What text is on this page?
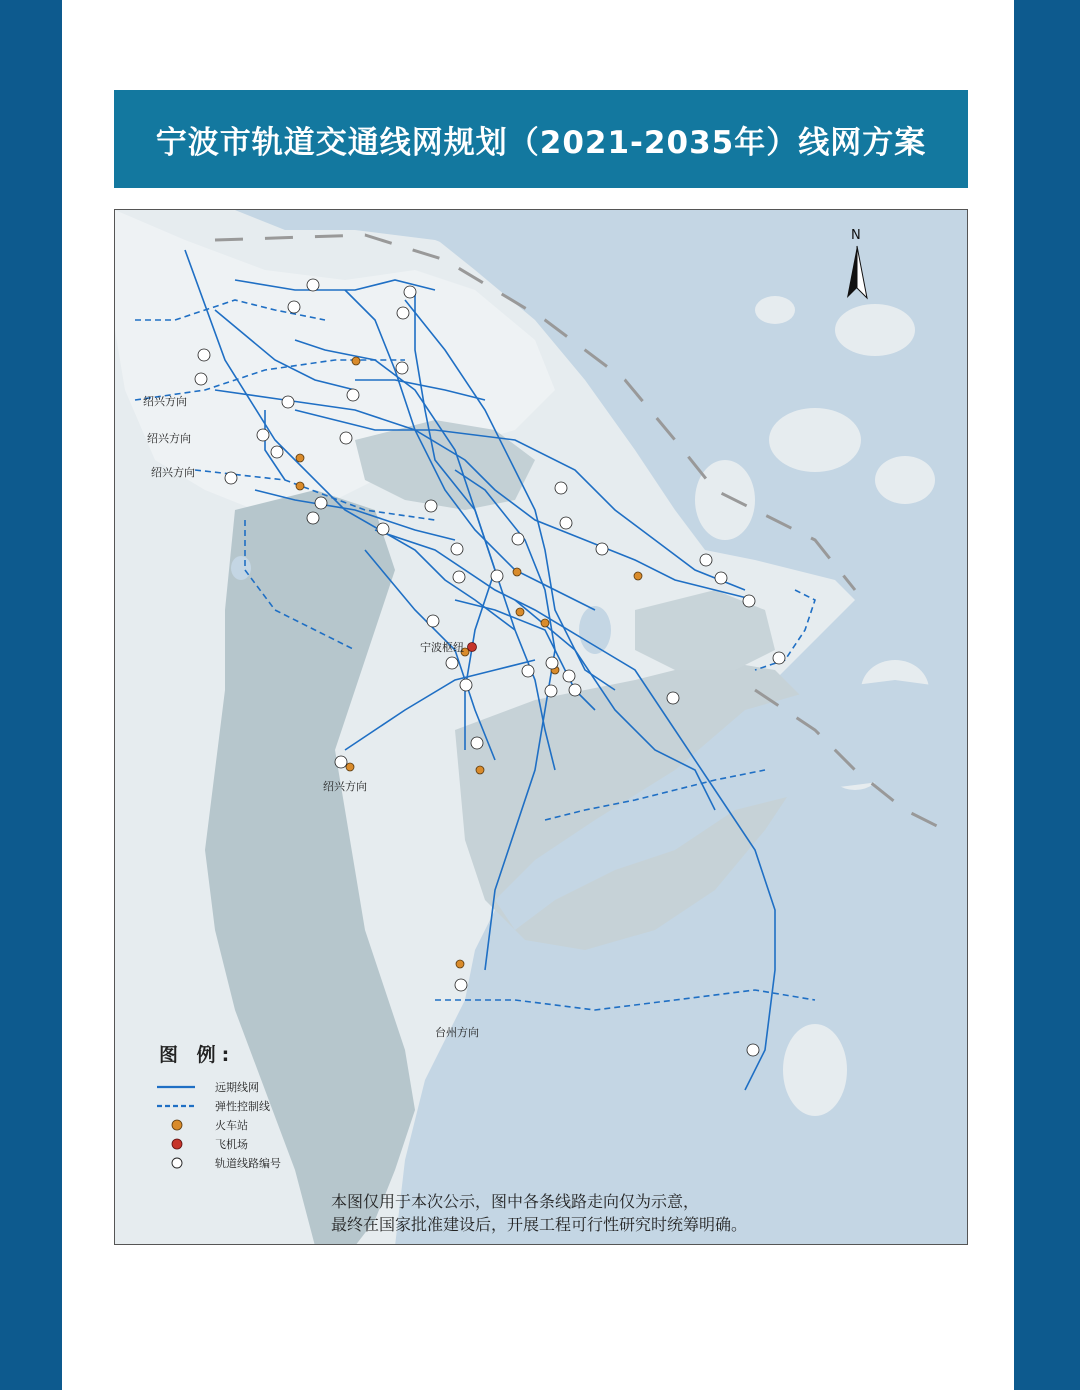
宁波市轨道交通线网规划（2021-2035年）线网方案
绍兴方向
绍兴方向
绍兴方向
绍兴方向
宁波枢纽
台州方向
N
图 例:
远期线网
弹性控制线
火车站
飞机场
轨道线路编号
本图仅用于本次公示，图中各条线路走向仅为示意，
最终在国家批准建设后，开展工程可行性研究时统筹明确。
